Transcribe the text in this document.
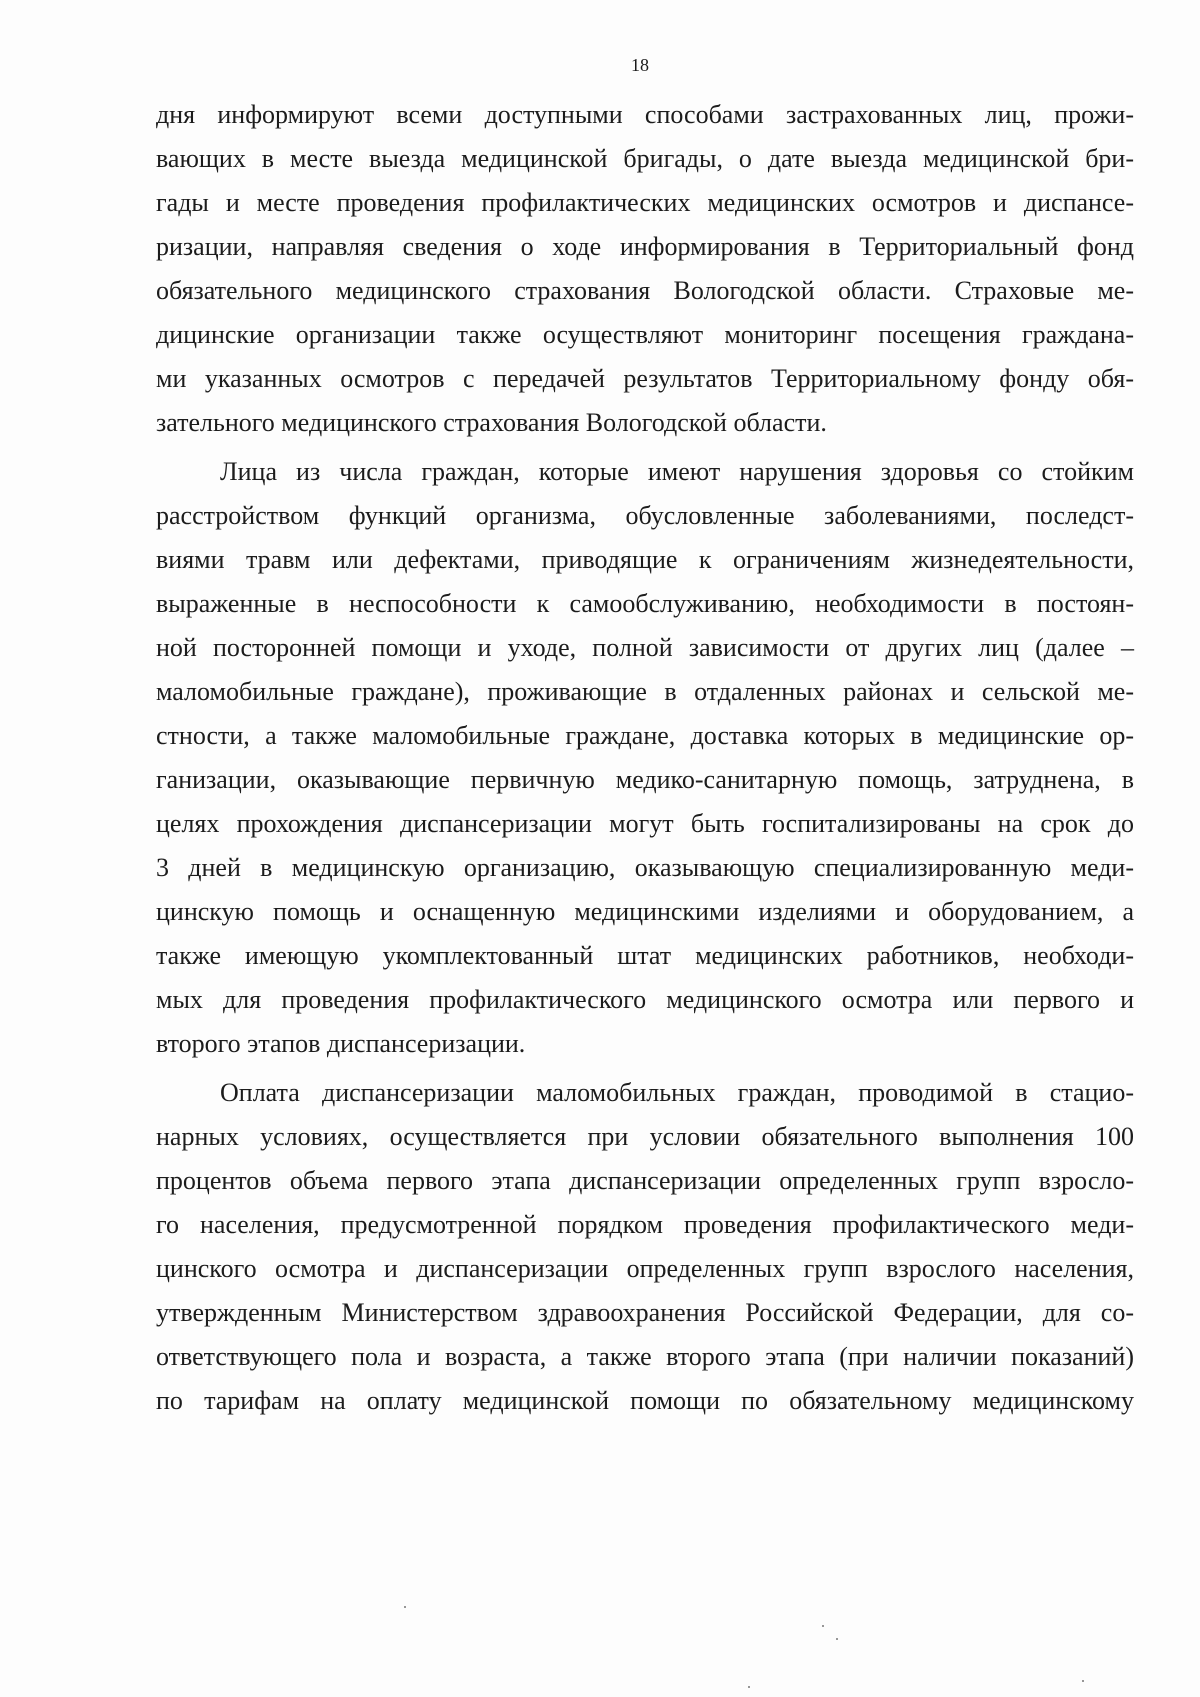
18
дня информируют всеми доступными способами застрахованных лиц, прожи-
вающих в месте выезда медицинской бригады, о дате выезда медицинской бри-
гады и месте проведения профилактических медицинских осмотров и диспансе-
ризации, направляя сведения о ходе информирования в Территориальный фонд
обязательного медицинского страхования Вологодской области. Страховые ме-
дицинские организации также осуществляют мониторинг посещения граждана-
ми указанных осмотров с передачей результатов Территориальному фонду обя-
зательного медицинского страхования Вологодской области.
Лица из числа граждан, которые имеют нарушения здоровья со стойким
расстройством функций организма, обусловленные заболеваниями, последст-
виями травм или дефектами, приводящие к ограничениям жизнедеятельности,
выраженные в неспособности к самообслуживанию, необходимости в постоян-
ной посторонней помощи и уходе, полной зависимости от других лиц (далее –
маломобильные граждане), проживающие в отдаленных районах и сельской ме-
стности, а также маломобильные граждане, доставка которых в медицинские ор-
ганизации, оказывающие первичную медико-санитарную помощь, затруднена, в
целях прохождения диспансеризации могут быть госпитализированы на срок до
3 дней в медицинскую организацию, оказывающую специализированную меди-
цинскую помощь и оснащенную медицинскими изделиями и оборудованием, а
также имеющую укомплектованный штат медицинских работников, необходи-
мых для проведения профилактического медицинского осмотра или первого и
второго этапов диспансеризации.
Оплата диспансеризации маломобильных граждан, проводимой в стацио-
нарных условиях, осуществляется при условии обязательного выполнения 100
процентов объема первого этапа диспансеризации определенных групп взросло-
го населения, предусмотренной порядком проведения профилактического меди-
цинского осмотра и диспансеризации определенных групп взрослого населения,
утвержденным Министерством здравоохранения Российской Федерации, для со-
ответствующего пола и возраста, а также второго этапа (при наличии показаний)
по тарифам на оплату медицинской помощи по обязательному медицинскому
